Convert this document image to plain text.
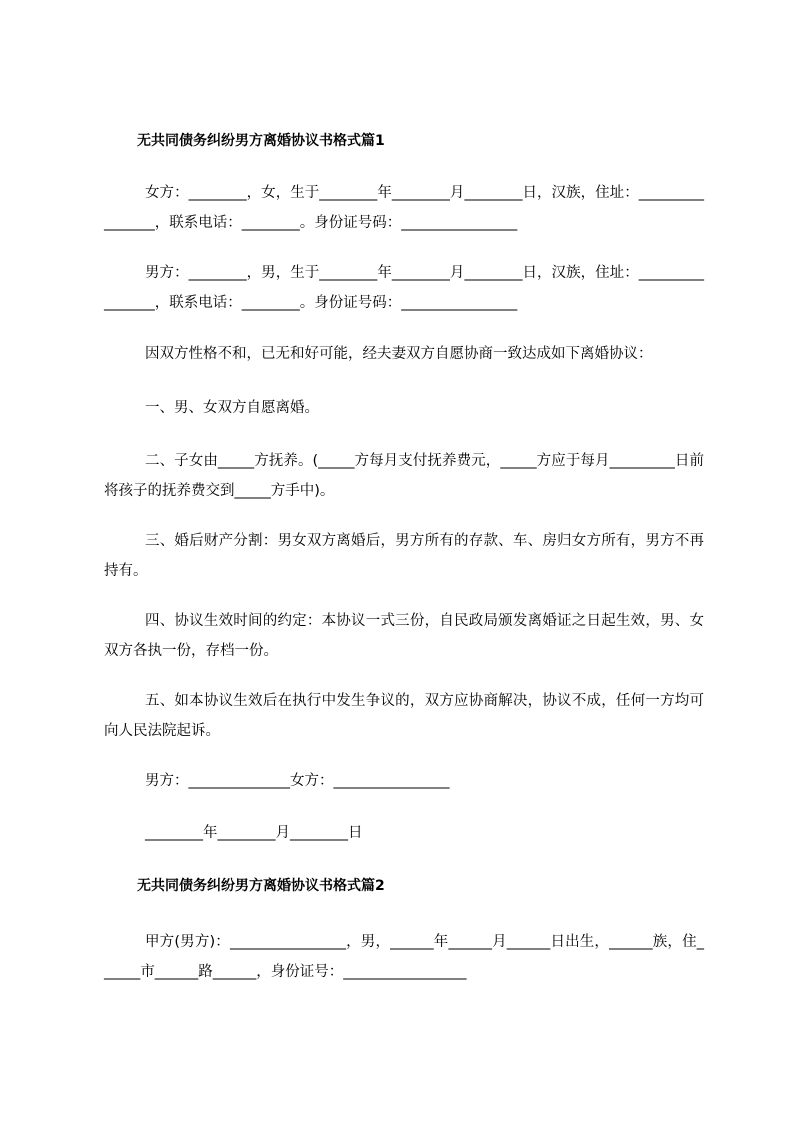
无共同债务纠纷男方离婚协议书格式篇1
女方：________，女，生于________年________月________日，汉族，住址：________________，联系电话：________。身份证号码：________________
男方：________，男，生于________年________月________日，汉族，住址：________________，联系电话：________。身份证号码：________________
因双方性格不和，已无和好可能，经夫妻双方自愿协商一致达成如下离婚协议：
一、男、女双方自愿离婚。
二、子女由_____方抚养。(_____方每月支付抚养费元，_____方应于每月_________日前将孩子的抚养费交到_____方手中)。
三、婚后财产分割：男女双方离婚后，男方所有的存款、车、房归女方所有，男方不再持有。
四、协议生效时间的约定：本协议一式三份，自民政局颁发离婚证之日起生效，男、女双方各执一份，存档一份。
五、如本协议生效后在执行中发生争议的，双方应协商解决，协议不成，任何一方均可向人民法院起诉。
男方：______________女方：________________
________年________月________日
无共同债务纠纷男方离婚协议书格式篇2
甲方(男方)：________________，男，______年______月______日出生，______族，住______市______路______，身份证号：_________________
